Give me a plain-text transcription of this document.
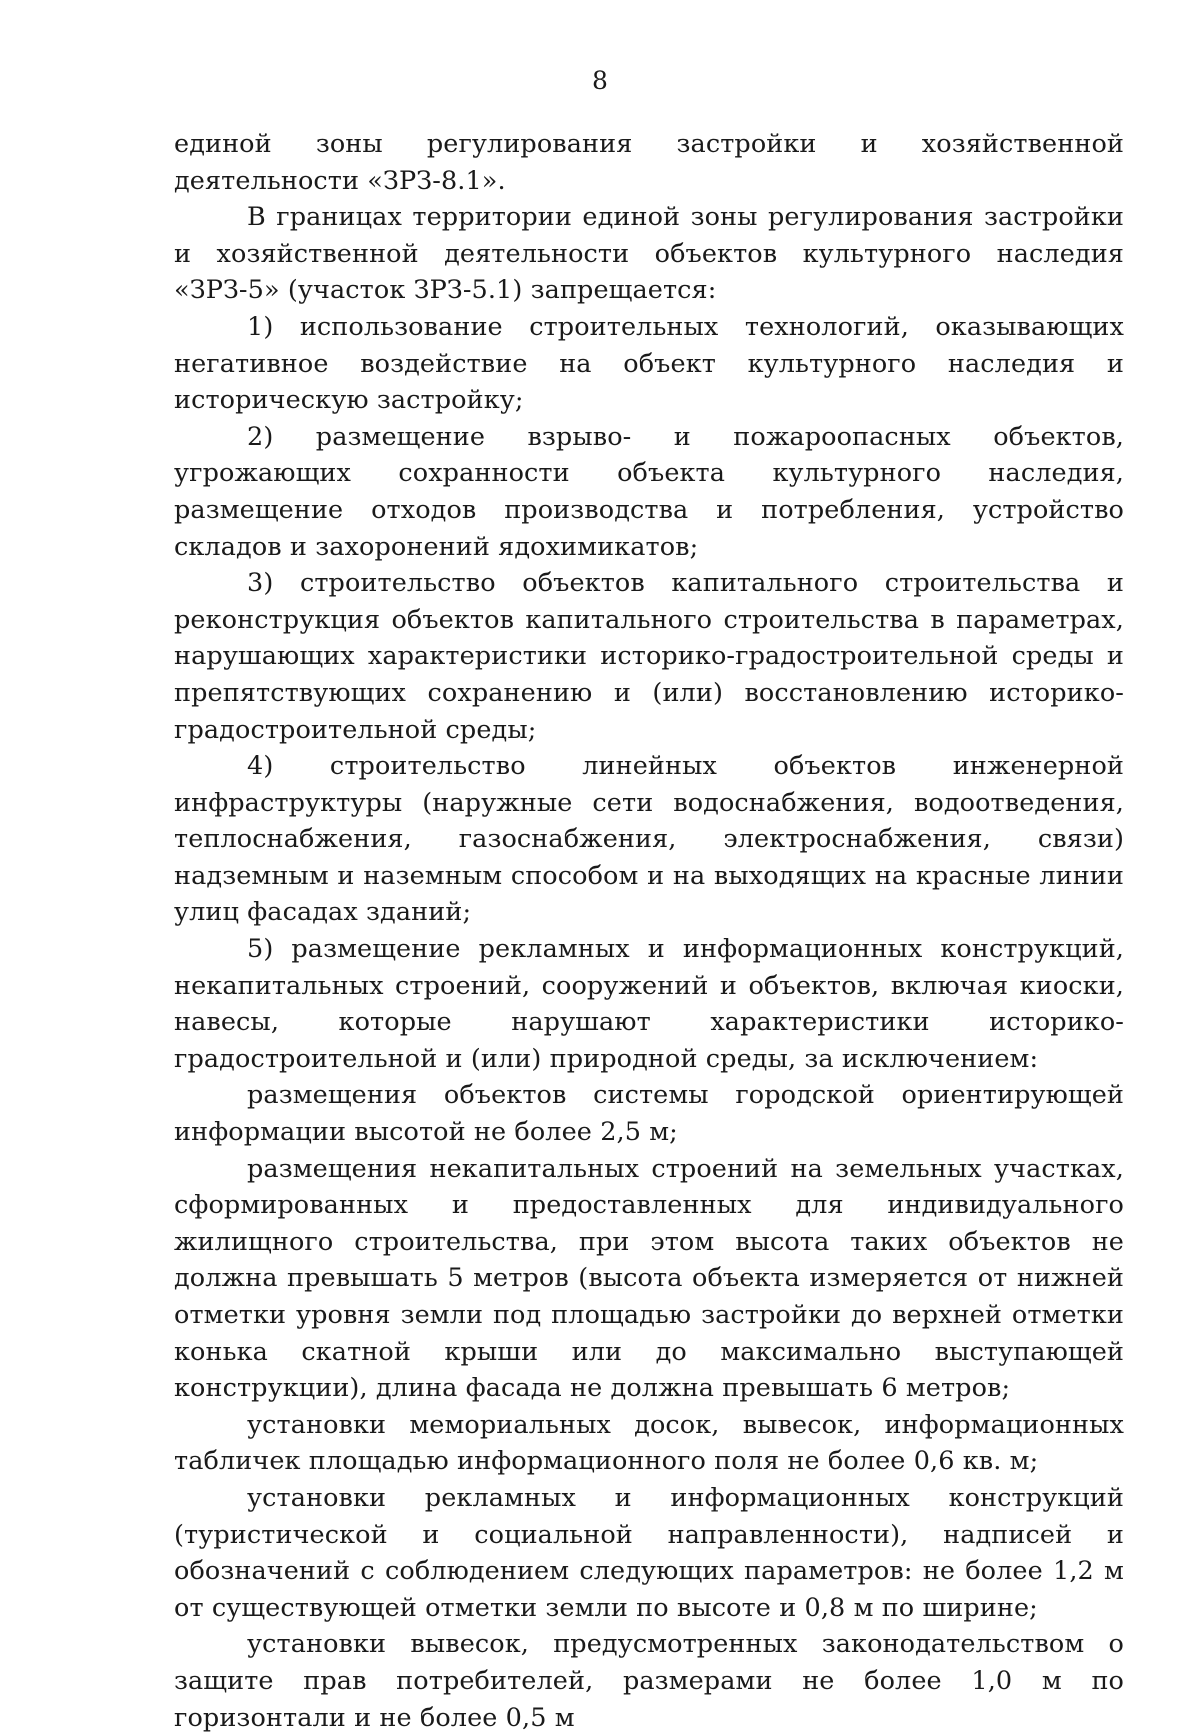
8

единой зоны регулирования застройки и хозяйственной деятельности «ЗРЗ-8.1».

В границах территории единой зоны регулирования застройки и хозяйственной деятельности объектов культурного наследия «ЗРЗ-5» (участок ЗРЗ-5.1) запрещается:

1) использование строительных технологий, оказывающих негативное воздействие на объект культурного наследия и историческую застройку;

2) размещение взрыво- и пожароопасных объектов, угрожающих сохранности объекта культурного наследия, размещение отходов производства и потребления, устройство складов и захоронений ядохимикатов;

3) строительство объектов капитального строительства и реконструкция объектов капитального строительства в параметрах, нарушающих характеристики историко-градостроительной среды и препятствующих сохранению и (или) восстановлению историко-градостроительной среды;

4) строительство линейных объектов инженерной инфраструктуры (наружные сети водоснабжения, водоотведения, теплоснабжения, газоснабжения, электроснабжения, связи) надземным и наземным способом и на выходящих на красные линии улиц фасадах зданий;

5) размещение рекламных и информационных конструкций, некапитальных строений, сооружений и объектов, включая киоски, навесы, которые нарушают характеристики историко-градостроительной и (или) природной среды, за исключением:

размещения объектов системы городской ориентирующей информации высотой не более 2,5 м;

размещения некапитальных строений на земельных участках, сформированных и предоставленных для индивидуального жилищного строительства, при этом высота таких объектов не должна превышать 5 метров (высота объекта измеряется от нижней отметки уровня земли под площадью застройки до верхней отметки конька скатной крыши или до максимально выступающей конструкции), длина фасада не должна превышать 6 метров;

установки мемориальных досок, вывесок, информационных табличек площадью информационного поля не более 0,6 кв. м;

установки рекламных и информационных конструкций (туристической и социальной направленности), надписей и обозначений с соблюдением следующих параметров: не более 1,2 м от существующей отметки земли по высоте и 0,8 м по ширине;

установки вывесок, предусмотренных законодательством о защите прав потребителей, размерами не более 1,0 м по горизонтали и не более 0,5 м
